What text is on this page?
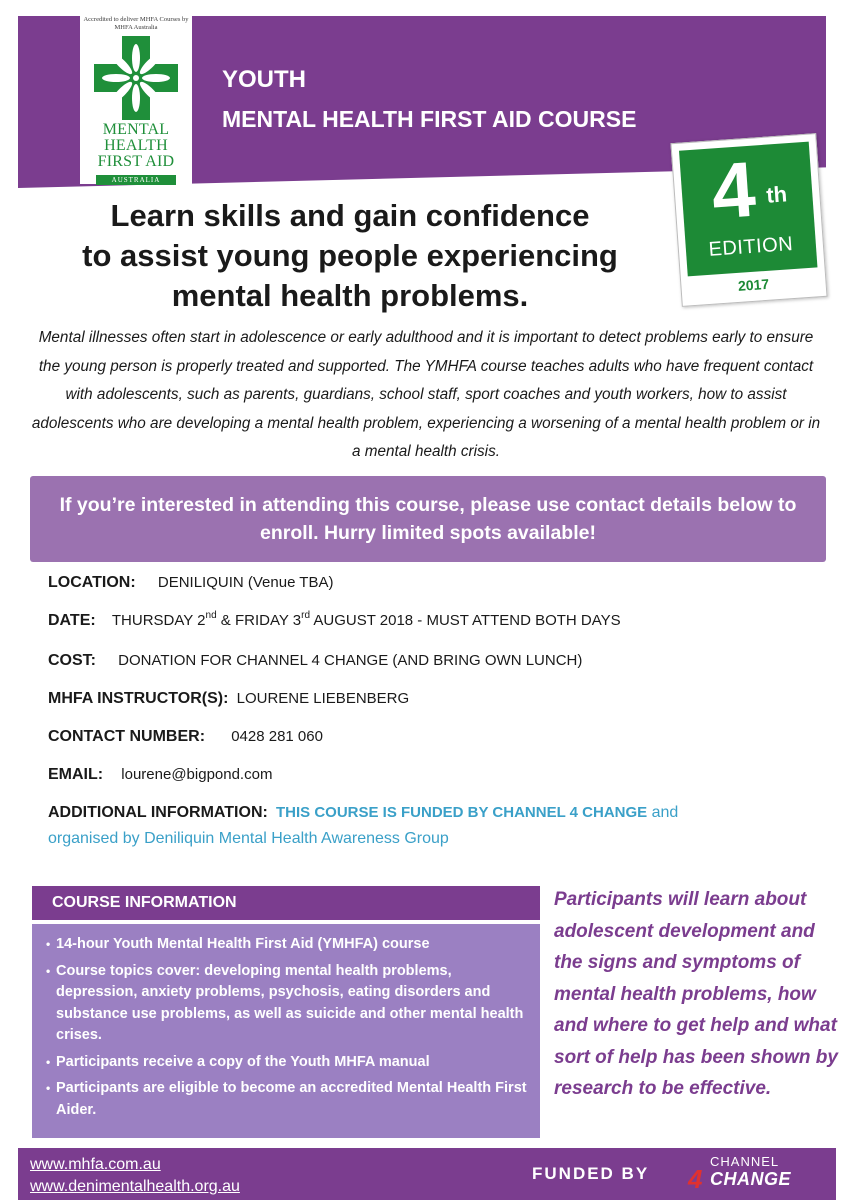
YOUTH
MENTAL HEALTH FIRST AID COURSE
Accredited to deliver MHFA Courses by MHFA Australia
MENTAL
HEALTH
FIRST AID
AUSTRALIA	4 th
EDITION
2017
Learn skills and gain confidence
to assist young people experiencing
mental health problems.
Mental illnesses often start in adolescence or early adulthood and it is important to detect problems early to ensure the young person is properly treated and supported. The YMHFA course teaches adults who have frequent contact with adolescents, such as parents, guardians, school staff, sport coaches and youth workers, how to assist adolescents who are developing a mental health problem, experiencing a worsening of a mental health problem or in a mental health crisis.
If you’re interested in attending this course, please use contact details below to enroll. Hurry limited spots available!
LOCATION: DENILIQUIN (Venue TBA)
DATE: THURSDAY 2nd & FRIDAY 3rd AUGUST 2018 - MUST ATTEND BOTH DAYS
COST: DONATION FOR CHANNEL 4 CHANGE (AND BRING OWN LUNCH)
MHFA INSTRUCTOR(S): LOURENE LIEBENBERG
CONTACT NUMBER: 0428 281 060
EMAIL: lourene@bigpond.com
ADDITIONAL INFORMATION: THIS COURSE IS FUNDED BY CHANNEL 4 CHANGE and
organised by Deniliquin Mental Health Awareness Group
COURSE INFORMATION
• 14-hour Youth Mental Health First Aid (YMHFA) course
• Course topics cover: developing mental health problems, depression, anxiety problems, psychosis, eating disorders and substance use problems, as well as suicide and other mental health crises.
• Participants receive a copy of the Youth MHFA manual
• Participants are eligible to become an accredited Mental Health First Aider.
Participants will learn about adolescent development and the signs and symptoms of mental health problems, how and where to get help and what sort of help has been shown by research to be effective.
www.mhfa.com.au
www.denimentalhealth.org.au
FUNDED BY 4
CHANNEL
CHANGE
